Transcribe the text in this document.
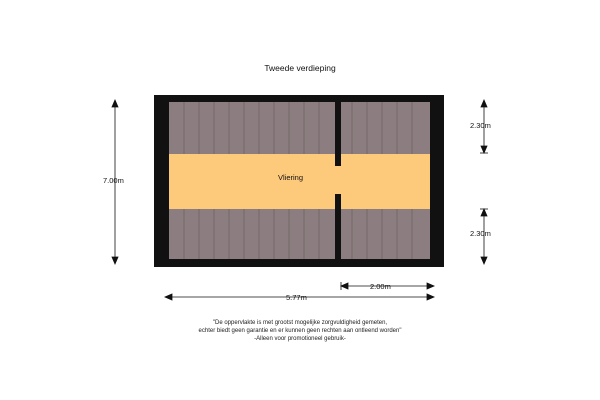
Tweede verdieping
Vliering
7.00m
2.30m
2.30m
2.00m
5.77m
"De oppervlakte is met grootst mogelijke zorgvuldigheid gemeten,
echter biedt geen garantie en er kunnen geen rechten aan ontleend worden"
-Alleen voor promotioneel gebruik-
